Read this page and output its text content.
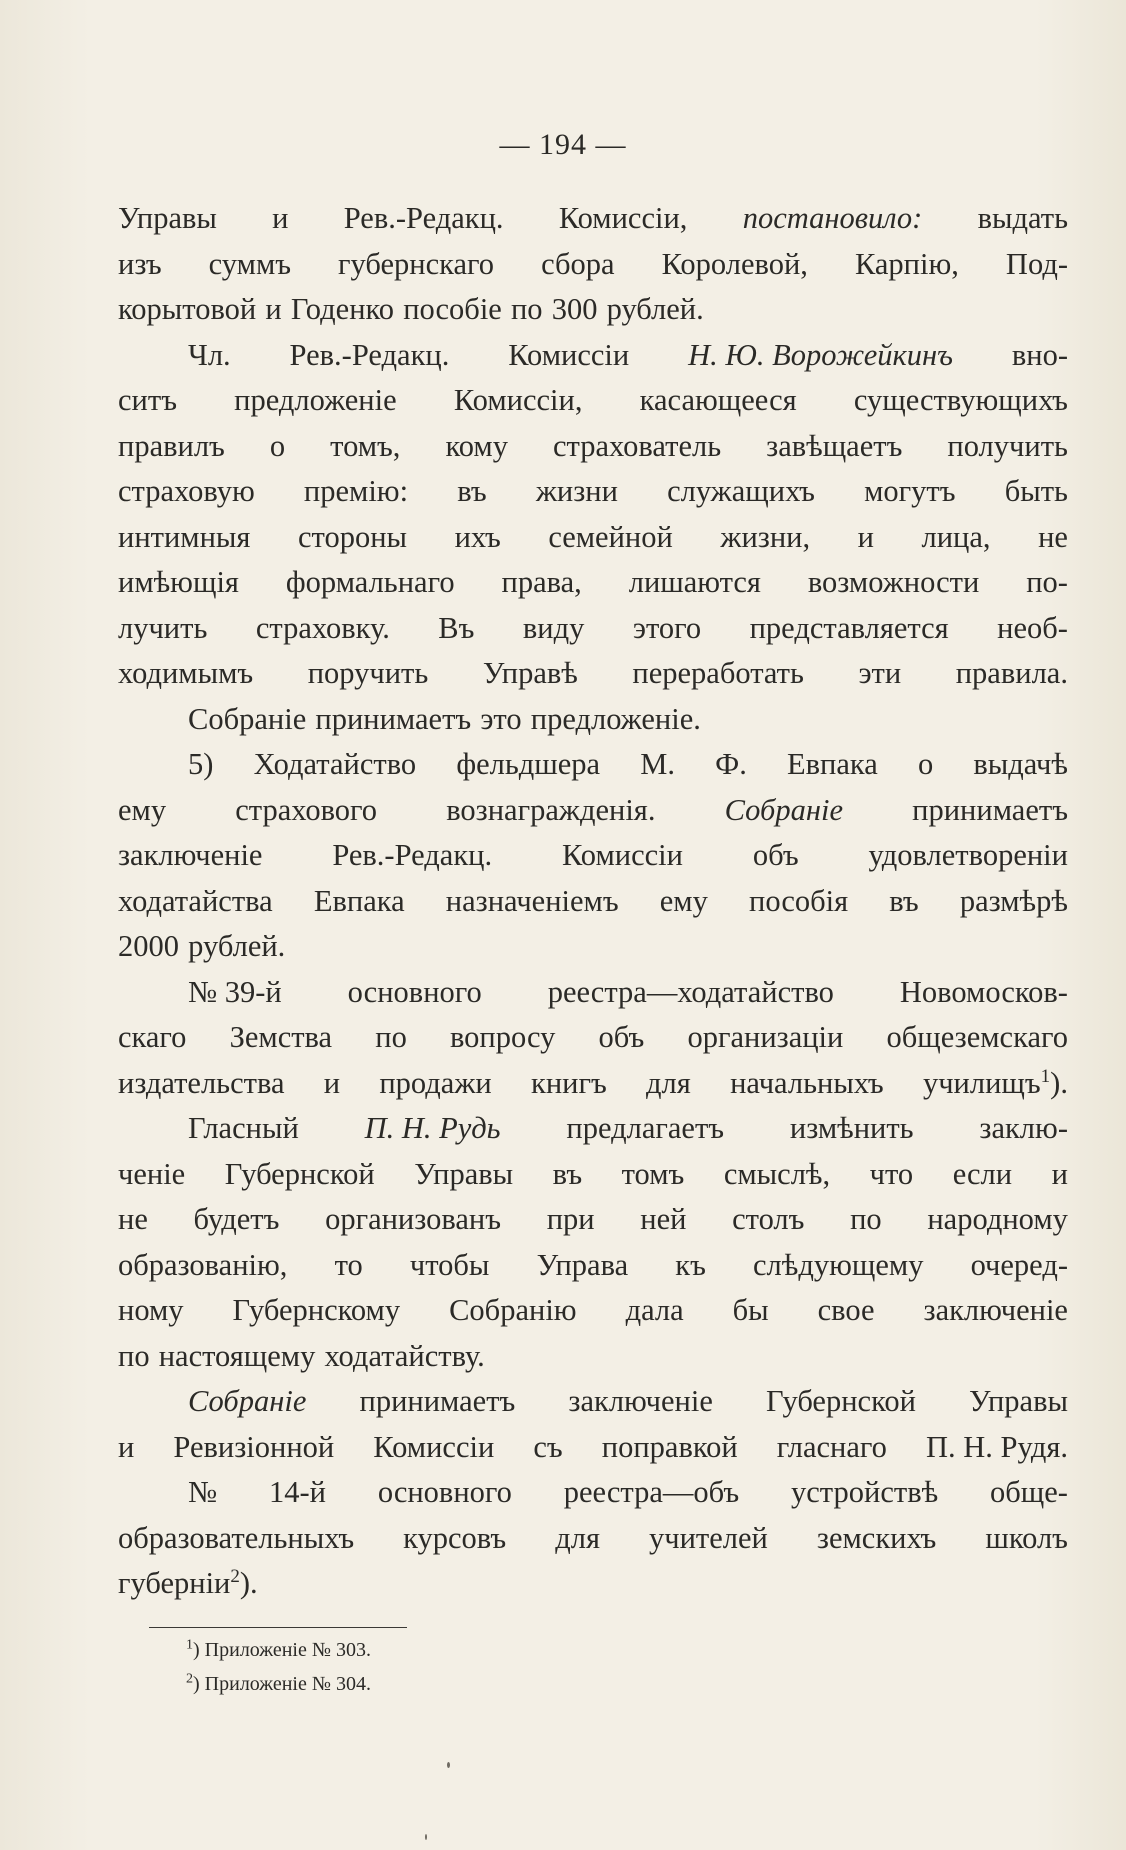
— 194 —
Управы и Рев.-Редакц. Комиссіи, постановило: выдать
изъ суммъ губернскаго сбора Королевой, Карпію, Под-
корытовой и Годенко пособіе по 300 рублей.
Чл. Рев.-Редакц. Комиссіи Н. Ю. Ворожейкинъ вно-
ситъ предложеніе Комиссіи, касающееся существующихъ
правилъ о томъ, кому страхователь завѣщаетъ получить
страховую премію: въ жизни служащихъ могутъ быть
интимныя стороны ихъ семейной жизни, и лица, не
имѣющія формальнаго права, лишаются возможности по-
лучить страховку. Въ виду этого представляется необ-
ходимымъ поручить Управѣ переработать эти правила.
Собраніе принимаетъ это предложеніе.
5) Ходатайство фельдшера М. Ф. Евпака о выдачѣ
ему страхового вознагражденія. Собраніе принимаетъ
заключеніе Рев.-Редакц. Комиссіи объ удовлетвореніи
ходатайства Евпака назначеніемъ ему пособія въ размѣрѣ
2000 рублей.
№ 39-й основного реестра—ходатайство Новомосков-
скаго Земства по вопросу объ организаціи общеземскаго
издательства и продажи книгъ для начальныхъ училищъ$^1$).
Гласный П. Н. Рудь предлагаетъ измѣнить заклю-
ченіе Губернской Управы въ томъ смыслѣ, что если и
не будетъ организованъ при ней столъ по народному
образованію, то чтобы Управа къ слѣдующему очеред-
ному Губернскому Собранію дала бы свое заключеніе
по настоящему ходатайству.
Собраніе принимаетъ заключеніе Губернской Управы
и Ревизіонной Комиссіи съ поправкой гласнаго П. Н. Рудя.
№ 14-й основного реестра—объ устройствѣ обще-
образовательныхъ курсовъ для учителей земскихъ школъ
губерніи$^2$).
$^1$) Приложеніе № 303.
$^2$) Приложеніе № 304.
